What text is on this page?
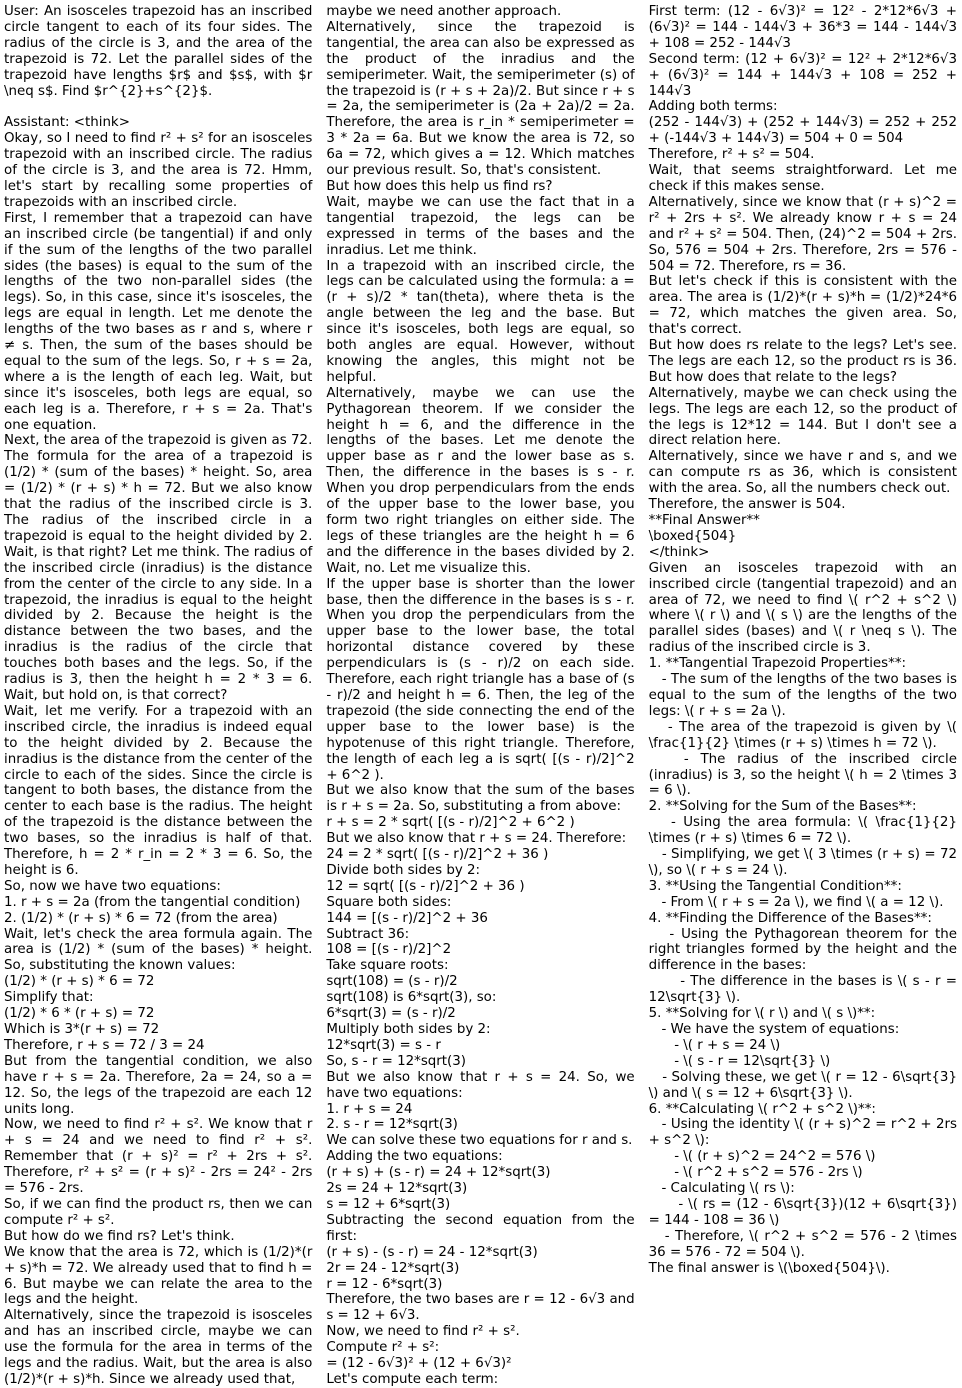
User: An isosceles trapezoid has an inscribed circle tangent to each of its four sides. The radius of the circle is 3, and the area of the trapezoid is 72. Let the parallel sides of the trapezoid have lengths $r$ and $s$, with $r \neq s$. Find $r^{2}+s^{2}$.

Assistant: <think>

Okay, so I need to find r² + s² for an isosceles trapezoid with an inscribed circle. The radius of the circle is 3, and the area is 72. Hmm, let's start by recalling some properties of trapezoids with an inscribed circle.

First, I remember that a trapezoid can have an inscribed circle (be tangential) if and only if the sum of the lengths of the two parallel sides (the bases) is equal to the sum of the lengths of the two non-parallel sides (the legs). So, in this case, since it's isosceles, the legs are equal in length. Let me denote the lengths of the two bases as r and s, where r ≠ s. Then, the sum of the bases should be equal to the sum of the legs. So, r + s = 2a, where a is the length of each leg. Wait, but since it's isosceles, both legs are equal, so each leg is a. Therefore, r + s = 2a. That's one equation.

Next, the area of the trapezoid is given as 72. The formula for the area of a trapezoid is (1/2) * (sum of the bases) * height. So, area = (1/2) * (r + s) * h = 72. But we also know that the radius of the inscribed circle is 3. The radius of the inscribed circle in a trapezoid is equal to the height divided by 2. Wait, is that right? Let me think. The radius of the inscribed circle (inradius) is the distance from the center of the circle to any side. In a trapezoid, the inradius is equal to the height divided by 2. Because the height is the distance between the two bases, and the inradius is the radius of the circle that touches both bases and the legs. So, if the radius is 3, then the height h = 2 * 3 = 6. Wait, but hold on, is that correct?

Wait, let me verify. For a trapezoid with an inscribed circle, the inradius is indeed equal to the height divided by 2. Because the inradius is the distance from the center of the circle to each of the sides. Since the circle is tangent to both bases, the distance from the center to each base is the radius. The height of the trapezoid is the distance between the two bases, so the inradius is half of that. Therefore, h = 2 * r_in = 2 * 3 = 6. So, the height is 6.

So, now we have two equations:

1. r + s = 2a (from the tangential condition)

2. (1/2) * (r + s) * 6 = 72 (from the area)

Wait, let's check the area formula again. The area is (1/2) * (sum of the bases) * height. So, substituting the known values:

(1/2) * (r + s) * 6 = 72

Simplify that:

(1/2) * 6 * (r + s) = 72

Which is 3*(r + s) = 72

Therefore, r + s = 72 / 3 = 24

But from the tangential condition, we also have r + s = 2a. Therefore, 2a = 24, so a = 12. So, the legs of the trapezoid are each 12 units long.

Now, we need to find r² + s². We know that r + s = 24 and we need to find r² + s². Remember that (r + s)² = r² + 2rs + s². Therefore, r² + s² = (r + s)² - 2rs = 24² - 2rs = 576 - 2rs.

So, if we can find the product rs, then we can compute r² + s².

But how do we find rs? Let's think.

We know that the area is 72, which is (1/2)*(r + s)*h = 72. We already used that to find h = 6. But maybe we can relate the area to the legs and the height.

Alternatively, since the trapezoid is isosceles and has an inscribed circle, maybe we can use the formula for the area in terms of the legs and the radius. Wait, but the area is also (1/2)*(r + s)*h. Since we already used that,

maybe we need another approach.

Alternatively, since the trapezoid is tangential, the area can also be expressed as the product of the inradius and the semiperimeter. Wait, the semiperimeter (s) of the trapezoid is (r + s + 2a)/2. But since r + s = 2a, the semiperimeter is (2a + 2a)/2 = 2a. Therefore, the area is r_in * semiperimeter = 3 * 2a = 6a. But we know the area is 72, so 6a = 72, which gives a = 12. Which matches our previous result. So, that's consistent.

But how does this help us find rs?

Wait, maybe we can use the fact that in a tangential trapezoid, the legs can be expressed in terms of the bases and the inradius. Let me think.

In a trapezoid with an inscribed circle, the legs can be calculated using the formula: a = (r + s)/2 * tan(theta), where theta is the angle between the leg and the base. But since it's isosceles, both legs are equal, so both angles are equal. However, without knowing the angles, this might not be helpful.

Alternatively, maybe we can use the Pythagorean theorem. If we consider the height h = 6, and the difference in the lengths of the bases. Let me denote the upper base as r and the lower base as s. Then, the difference in the bases is s - r. When you drop perpendiculars from the ends of the upper base to the lower base, you form two right triangles on either side. The legs of these triangles are the height h = 6 and the difference in the bases divided by 2. Wait, no. Let me visualize this.

If the upper base is shorter than the lower base, then the difference in the bases is s - r. When you drop the perpendiculars from the upper base to the lower base, the total horizontal distance covered by these perpendiculars is (s - r)/2 on each side. Therefore, each right triangle has a base of (s - r)/2 and height h = 6. Then, the leg of the trapezoid (the side connecting the end of the upper base to the lower base) is the hypotenuse of this right triangle. Therefore, the length of each leg a is sqrt( [(s - r)/2]^2 + 6^2 ).

But we also know that the sum of the bases is r + s = 2a. So, substituting a from above:

r + s = 2 * sqrt( [(s - r)/2]^2 + 6^2 )

But we also know that r + s = 24. Therefore:

24 = 2 * sqrt( [(s - r)/2]^2 + 36 )

Divide both sides by 2:

12 = sqrt( [(s - r)/2]^2 + 36 )

Square both sides:

144 = [(s - r)/2]^2 + 36

Subtract 36:

108 = [(s - r)/2]^2

Take square roots:

sqrt(108) = (s - r)/2

sqrt(108) is 6*sqrt(3), so:

6*sqrt(3) = (s - r)/2

Multiply both sides by 2:

12*sqrt(3) = s - r

So, s - r = 12*sqrt(3)

But we also know that r + s = 24. So, we have two equations:

1. r + s = 24

2. s - r = 12*sqrt(3)

We can solve these two equations for r and s.

Adding the two equations:

(r + s) + (s - r) = 24 + 12*sqrt(3)

2s = 24 + 12*sqrt(3)

s = 12 + 6*sqrt(3)

Subtracting the second equation from the first:

(r + s) - (s - r) = 24 - 12*sqrt(3)

2r = 24 - 12*sqrt(3)

r = 12 - 6*sqrt(3)

Therefore, the two bases are r = 12 - 6√3 and s = 12 + 6√3.

Now, we need to find r² + s².

Compute r² + s²:

= (12 - 6√3)² + (12 + 6√3)²

Let's compute each term:

First term: (12 - 6√3)² = 12² - 2*12*6√3 + (6√3)² = 144 - 144√3 + 36*3 = 144 - 144√3 + 108 = 252 - 144√3

Second term: (12 + 6√3)² = 12² + 2*12*6√3 + (6√3)² = 144 + 144√3 + 108 = 252 + 144√3

Adding both terms:

(252 - 144√3) + (252 + 144√3) = 252 + 252 + (-144√3 + 144√3) = 504 + 0 = 504

Therefore, r² + s² = 504.

Wait, that seems straightforward. Let me check if this makes sense.

Alternatively, since we know that (r + s)^2 = r² + 2rs + s². We already know r + s = 24 and r² + s² = 504. Then, (24)^2 = 504 + 2rs. So, 576 = 504 + 2rs. Therefore, 2rs = 576 - 504 = 72. Therefore, rs = 36.

But let's check if this is consistent with the area. The area is (1/2)*(r + s)*h = (1/2)*24*6 = 72, which matches the given area. So, that's correct.

But how does rs relate to the legs? Let's see. The legs are each 12, so the product rs is 36. But how does that relate to the legs?

Alternatively, maybe we can check using the legs. The legs are each 12, so the product of the legs is 12*12 = 144. But I don't see a direct relation here.

Alternatively, since we have r and s, and we can compute rs as 36, which is consistent with the area. So, all the numbers check out.

Therefore, the answer is 504.

**Final Answer**

\boxed{504}

</think>

Given an isosceles trapezoid with an inscribed circle (tangential trapezoid) and an area of 72, we need to find \( r^2 + s^2 \) where \( r \) and \( s \) are the lengths of the parallel sides (bases) and \( r \neq s \). The radius of the inscribed circle is 3.

1. **Tangential Trapezoid Properties**:

- The sum of the lengths of the two bases is equal to the sum of the lengths of the two legs: \( r + s = 2a \).

- The area of the trapezoid is given by \( \frac{1}{2} \times (r + s) \times h = 72 \).

- The radius of the inscribed circle (inradius) is 3, so the height \( h = 2 \times 3 = 6 \).

2. **Solving for the Sum of the Bases**:

- Using the area formula: \( \frac{1}{2} \times (r + s) \times 6 = 72 \).

- Simplifying, we get \( 3 \times (r + s) = 72 \), so \( r + s = 24 \).

3. **Using the Tangential Condition**:

- From \( r + s = 2a \), we find \( a = 12 \).

4. **Finding the Difference of the Bases**:

- Using the Pythagorean theorem for the right triangles formed by the height and the difference in the bases:

- The difference in the bases is \( s - r = 12\sqrt{3} \).

5. **Solving for \( r \) and \( s \)**:

- We have the system of equations:

- \( r + s = 24 \)

- \( s - r = 12\sqrt{3} \)

- Solving these, we get \( r = 12 - 6\sqrt{3} \) and \( s = 12 + 6\sqrt{3} \).

6. **Calculating \( r^2 + s^2 \)**:

- Using the identity \( (r + s)^2 = r^2 + 2rs + s^2 \):

- \( (r + s)^2 = 24^2 = 576 \)

- \( r^2 + s^2 = 576 - 2rs \)

- Calculating \( rs \):

- \( rs = (12 - 6\sqrt{3})(12 + 6\sqrt{3}) = 144 - 108 = 36 \)

- Therefore, \( r^2 + s^2 = 576 - 2 \times 36 = 576 - 72 = 504 \).

The final answer is \(\boxed{504}\).
